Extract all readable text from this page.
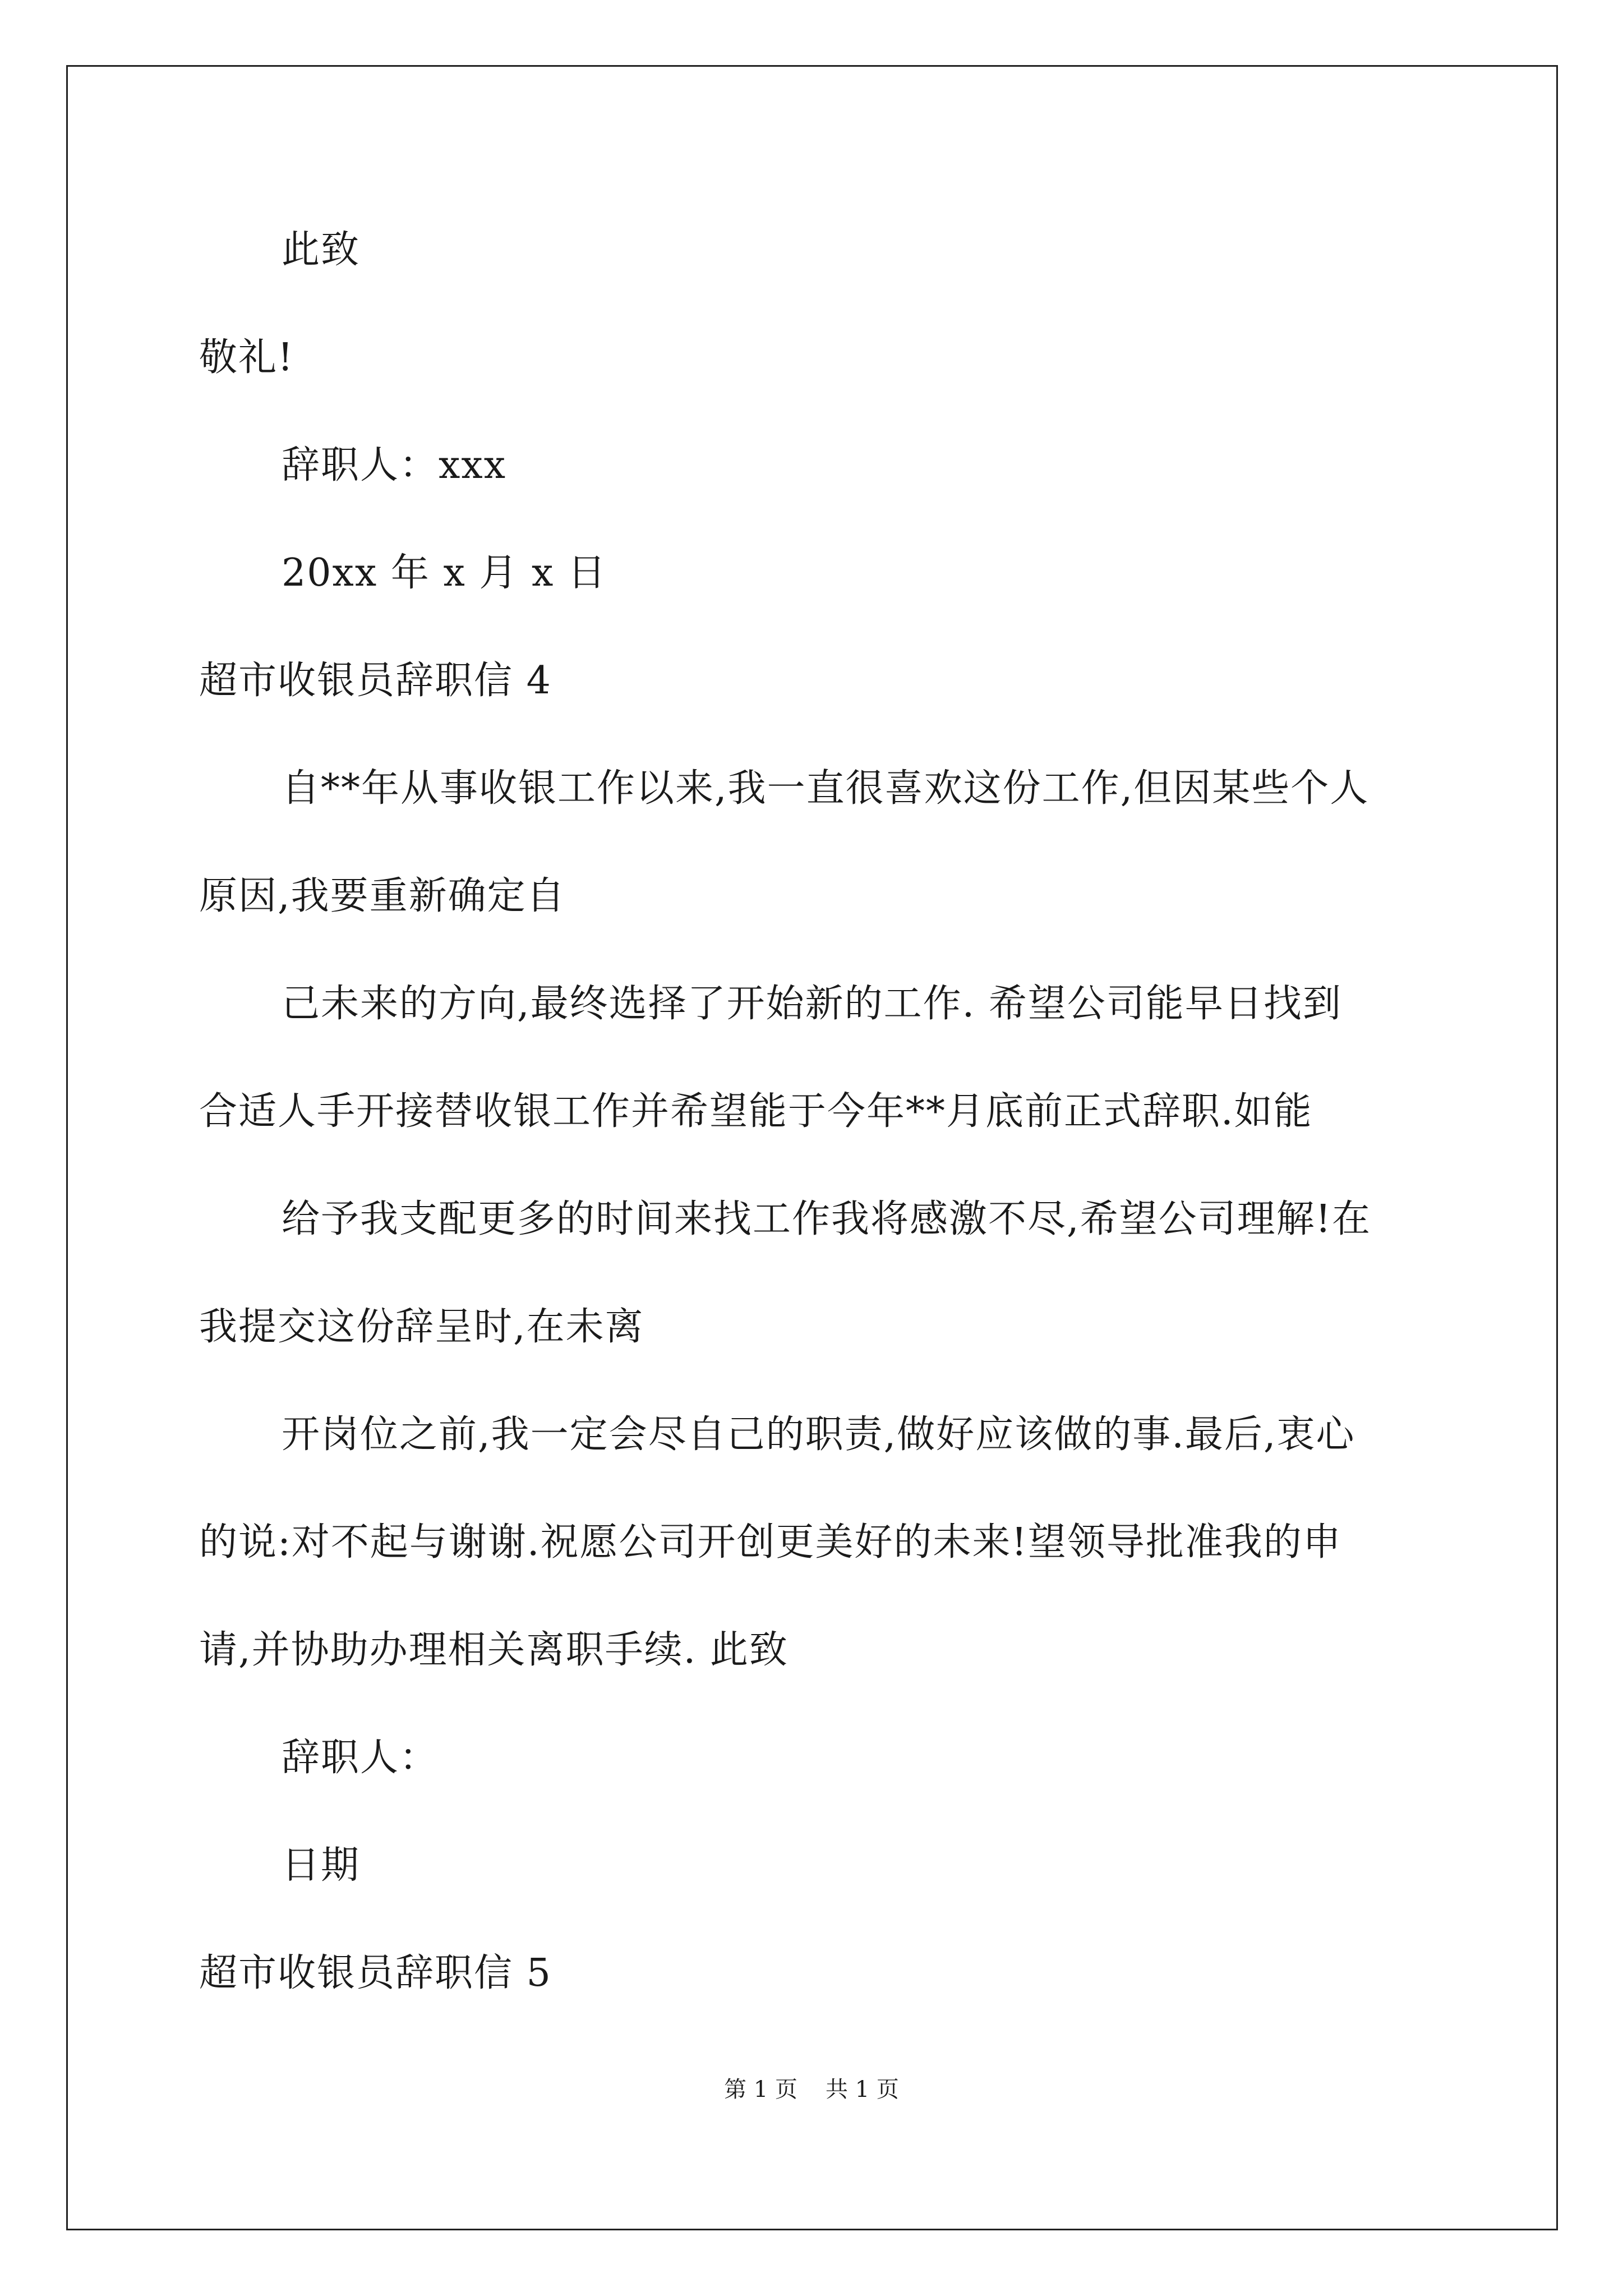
此致
敬礼!
辞职人：xxx
20xx 年 x 月 x 日
超市收银员辞职信 4
自**年从事收银工作以来,我一直很喜欢这份工作,但因某些个人
原因,我要重新确定自
己未来的方向,最终选择了开始新的工作. 希望公司能早日找到
合适人手开接替收银工作并希望能于今年**月底前正式辞职.如能
给予我支配更多的时间来找工作我将感激不尽,希望公司理解!在
我提交这份辞呈时,在未离
开岗位之前,我一定会尽自己的职责,做好应该做的事.最后,衷心
的说:对不起与谢谢.祝愿公司开创更美好的未来!望领导批准我的申
请,并协助办理相关离职手续. 此致
辞职人：
日期
超市收银员辞职信 5
第 1 页 共 1 页
